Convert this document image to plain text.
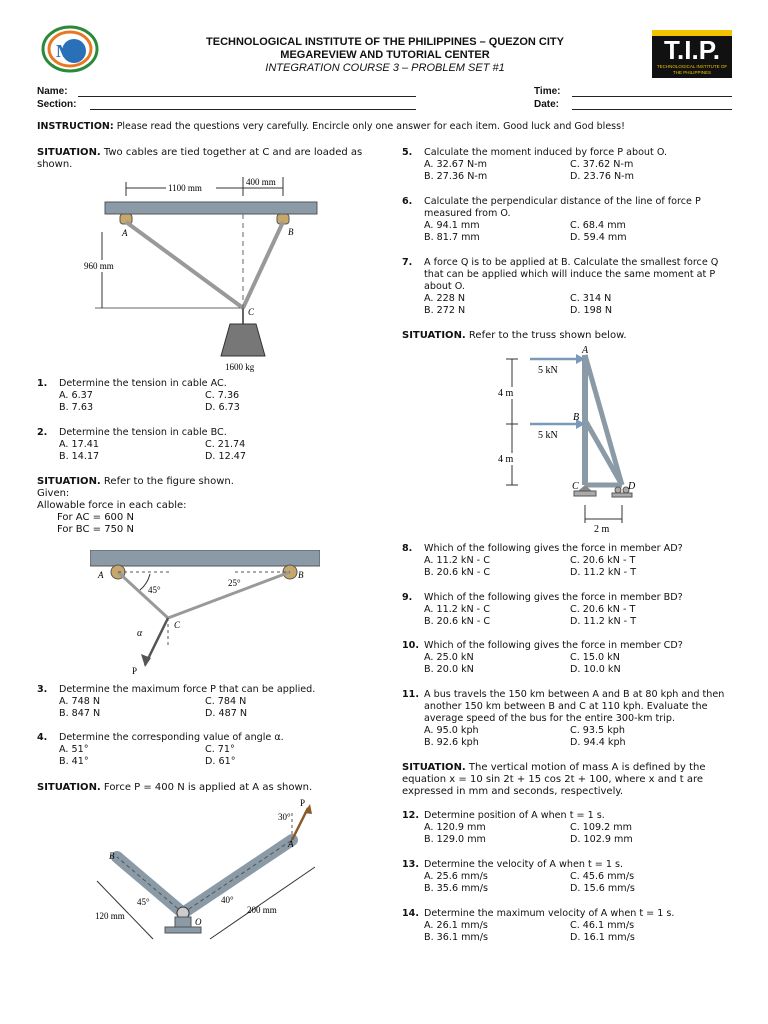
M	T.I.P.
TECHNOLOGICAL INSTITUTE OF THE PHILIPPINES
TECHNOLOGICAL INSTITUTE OF THE PHILIPPINES – QUEZON CITY
MEGAREVIEW AND TUTORIAL CENTER
INTEGRATION COURSE 3 – PROBLEM SET #1
Name:
Section:
Time:
Date:
INSTRUCTION: Please read the questions very carefully. Encircle only one answer for each item. Good luck and God bless!
SITUATION. Two cables are tied together at C and are loaded as
shown.
1100 mm
400 mm
960 mm
A	B
C
1600 kg
1. Determine the tension in cable AC.
A. 6.37	C. 7.36
B. 7.63	D. 6.73
2. Determine the tension in cable BC.
A. 17.41	C. 21.74
B. 14.17	D. 12.47
SITUATION. Refer to the figure shown.
Given:
Allowable force in each cable:
For AC = 600 N
For BC = 750 N
45°
25°
A	B
C
α
P
3. Determine the maximum force P that can be applied.
A. 748 N	C. 784 N
B. 847 N	D. 487 N
4. Determine the corresponding value of angle α.
A. 51°	C. 71°
B. 41°	D. 61°
SITUATION. Force P = 400 N is applied at A as shown.
P
30°
A
B
O
45°	40°
120 mm
200 mm
5. Calculate the moment induced by force P about O.
A. 32.67 N-m	C. 37.62 N-m
B. 27.36 N-m	D. 23.76 N-m
6. Calculate the perpendicular distance of the line of force P
measured from O.
A. 94.1 mm	C. 68.4 mm
B. 81.7 mm	D. 59.4 mm
7. A force Q is to be applied at B. Calculate the smallest force Q
that can be applied which will induce the same moment at P
about O.
A. 228 N	C. 314 N
B. 272 N	D. 198 N
SITUATION. Refer to the truss shown below.
5 kN
5 kN
A
B
C	D
4 m
4 m
2 m
8. Which of the following gives the force in member AD?
A. 11.2 kN - C	C. 20.6 kN - T
B. 20.6 kN - C	D. 11.2 kN - T
9. Which of the following gives the force in member BD?
A. 11.2 kN - C	C. 20.6 kN - T
B. 20.6 kN - C	D. 11.2 kN - T
10. Which of the following gives the force in member CD?
A. 25.0 kN	C. 15.0 kN
B. 20.0 kN	D. 10.0 kN
11. A bus travels the 150 km between A and B at 80 kph and then
another 150 km between B and C at 110 kph. Evaluate the
average speed of the bus for the entire 300-km trip.
A. 95.0 kph	C. 93.5 kph
B. 92.6 kph	D. 94.4 kph
SITUATION. The vertical motion of mass A is defined by the
equation x = 10 sin 2t + 15 cos 2t + 100, where x and t are
expressed in mm and seconds, respectively.
12. Determine position of A when t = 1 s.
A. 120.9 mm	C. 109.2 mm
B. 129.0 mm	D. 102.9 mm
13. Determine the velocity of A when t = 1 s.
A. 25.6 mm/s	C. 45.6 mm/s
B. 35.6 mm/s	D. 15.6 mm/s
14. Determine the maximum velocity of A when t = 1 s.
A. 26.1 mm/s	C. 46.1 mm/s
B. 36.1 mm/s	D. 16.1 mm/s
